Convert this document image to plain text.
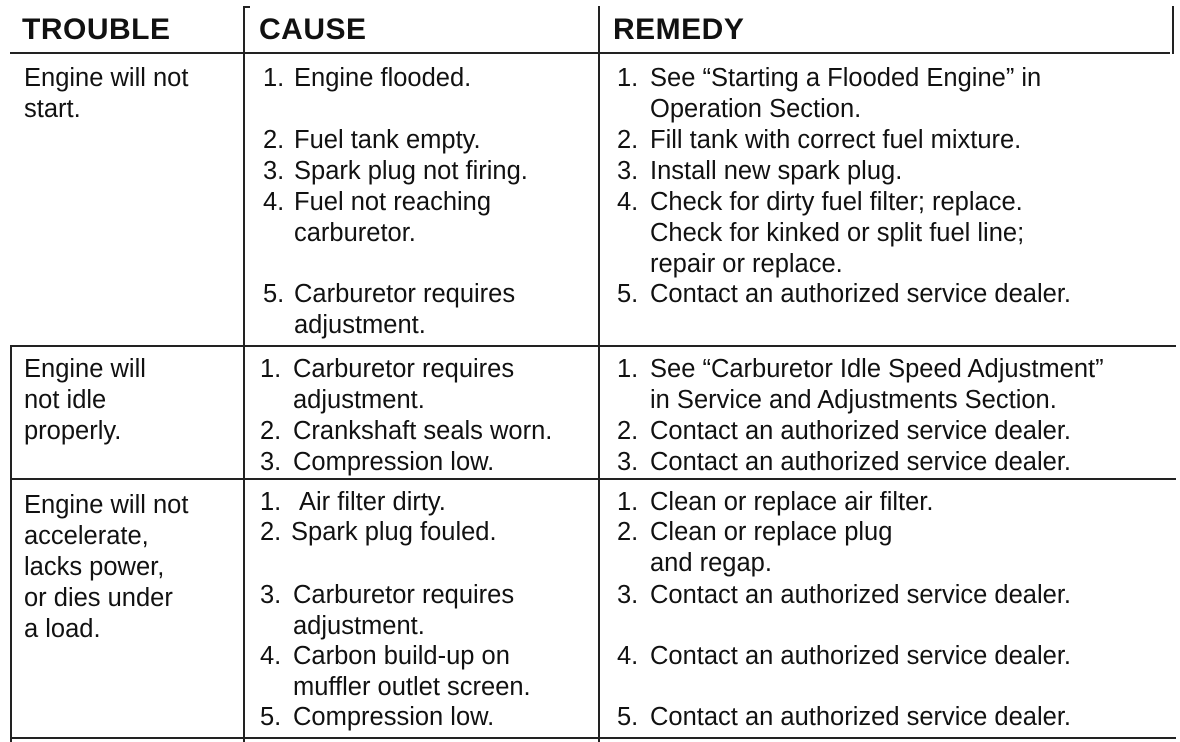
TROUBLE	CAUSE	REMEDY
Engine will not
start.
1. Engine flooded.
2. Fuel tank empty.
3. Spark plug not firing.
4. Fuel not reaching
carburetor.
5. Carburetor requires
adjustment.
1. See “Starting a Flooded Engine” in
Operation Section.
2. Fill tank with correct fuel mixture.
3. Install new spark plug.
4. Check for dirty fuel filter; replace.
Check for kinked or split fuel line;
repair or replace.
5. Contact an authorized service dealer.
Engine will
not idle
properly.
1. Carburetor requires
adjustment.
2. Crankshaft seals worn.
3. Compression low.
1. See “Carburetor Idle Speed Adjustment”
in Service and Adjustments Section.
2. Contact an authorized service dealer.
3. Contact an authorized service dealer.
Engine will not
accelerate,
lacks power,
or dies under
a load.
1. Air filter dirty.
2. Spark plug fouled.
3. Carburetor requires
adjustment.
4. Carbon build-up on
muffler outlet screen.
5. Compression low.
1. Clean or replace air filter.
2. Clean or replace plug
and regap.
3. Contact an authorized service dealer.
4. Contact an authorized service dealer.
5. Contact an authorized service dealer.
